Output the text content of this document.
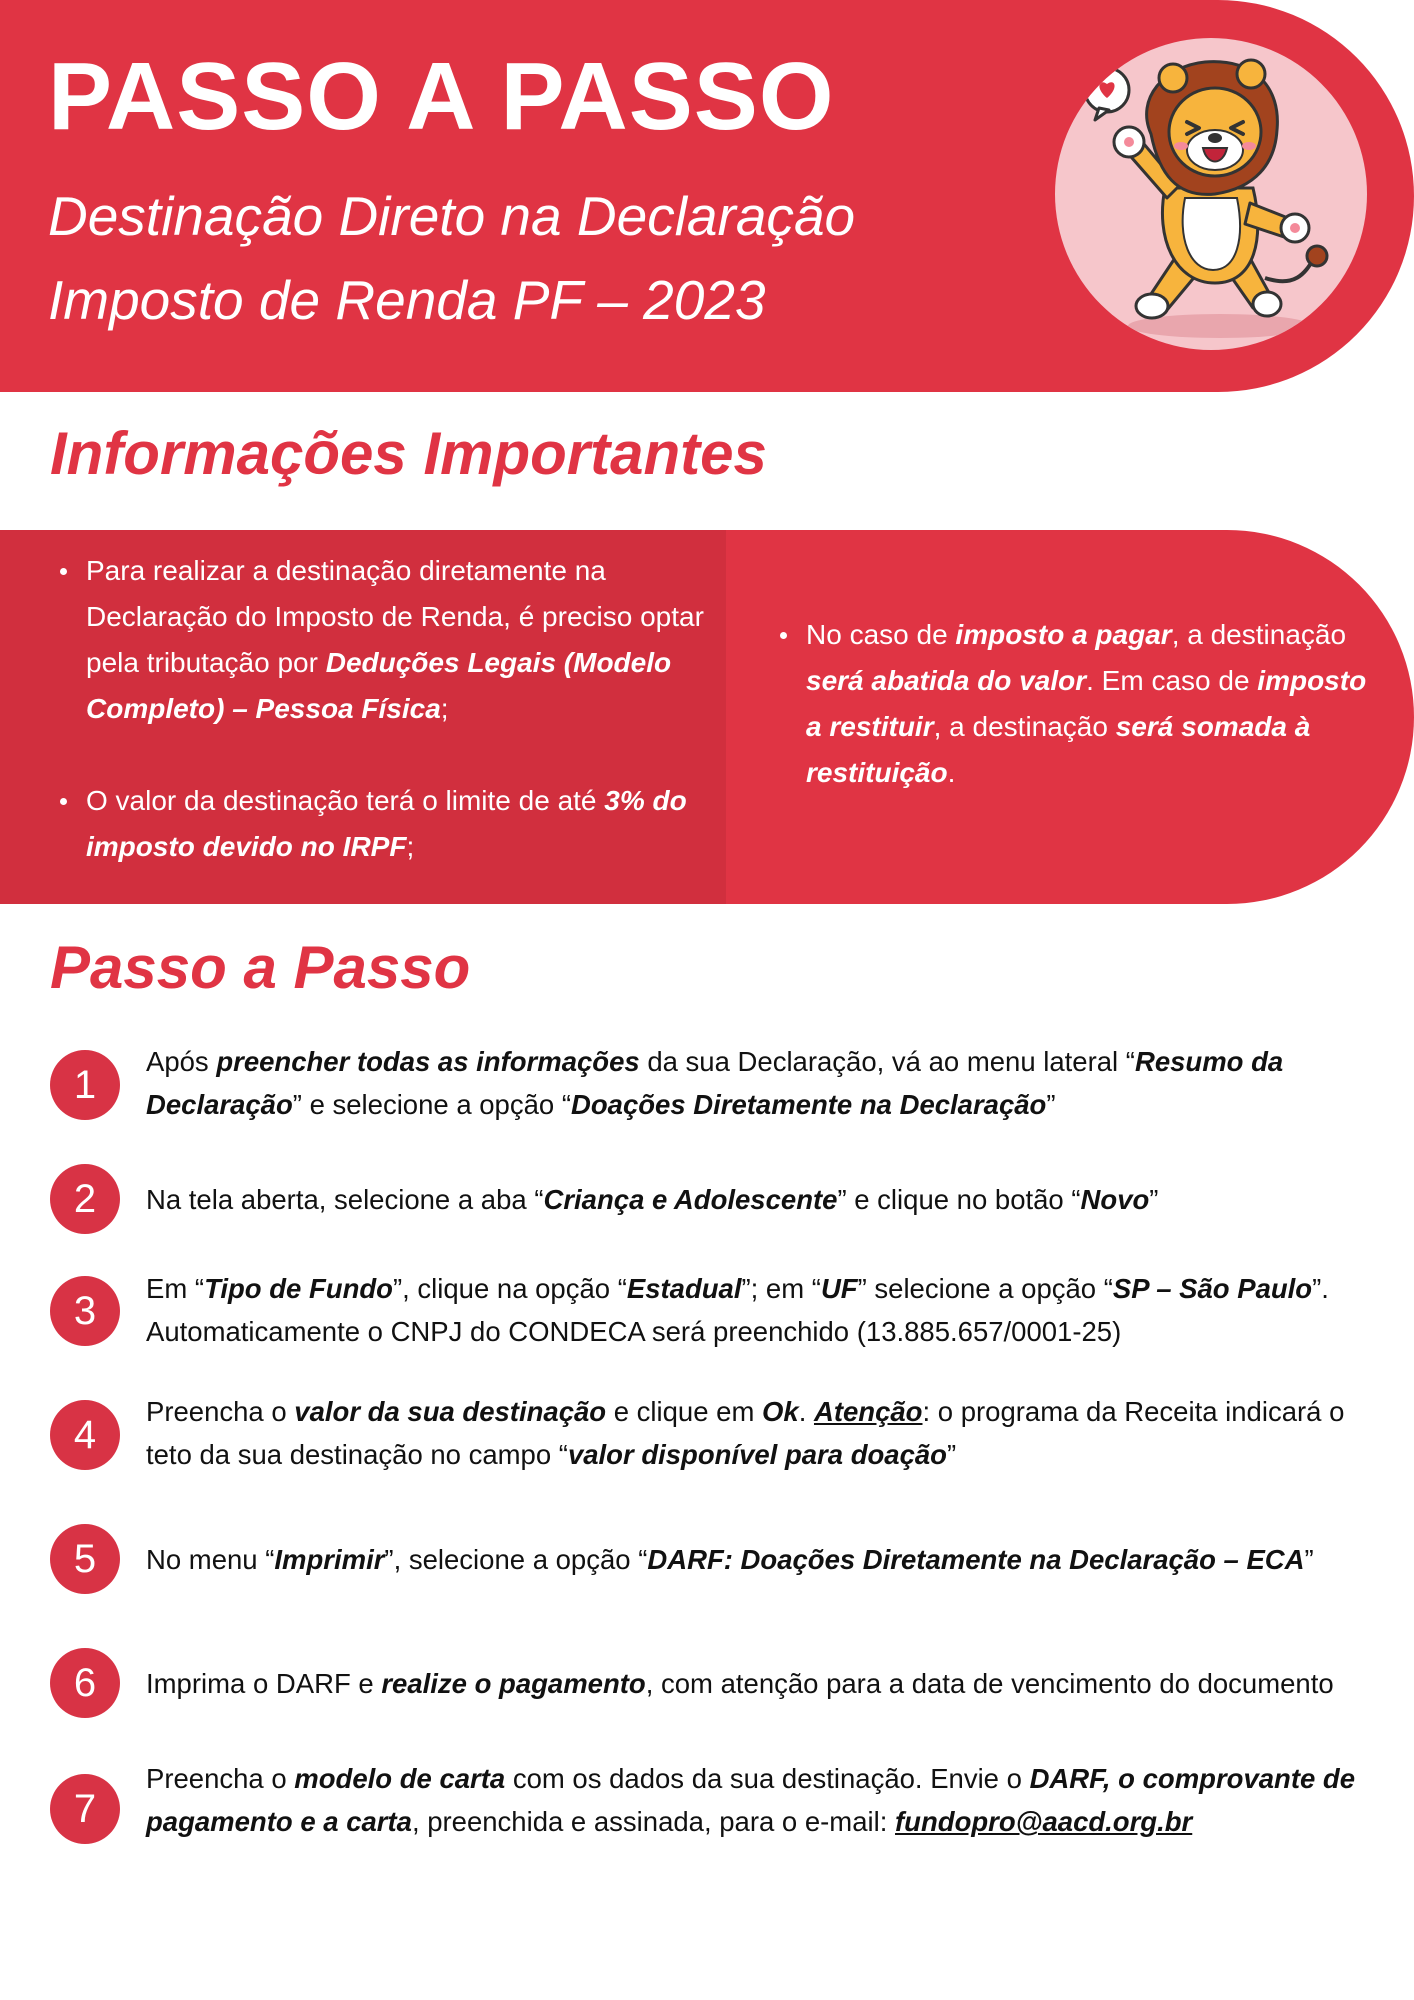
PASSO A PASSO
Destinação Direto na Declaração
Imposto de Renda PF – 2023
Informações Importantes

Para realizar a destinação diretamente na Declaração do Imposto de Renda, é preciso optar pela tributação por Deduções Legais (Modelo Completo) – Pessoa Física;

O valor da destinação terá o limite de até 3% do imposto devido no IRPF;

No caso de imposto a pagar, a destinação será abatida do valor. Em caso de imposto a restituir, a destinação será somada à restituição.

Passo a Passo
1
Após preencher todas as informações da sua Declaração, vá ao menu lateral “Resumo da Declaração” e selecione a opção “Doações Diretamente na Declaração”
2	Na tela aberta, selecione a aba “Criança e Adolescente” e clique no botão “Novo”
3
Em “Tipo de Fundo”, clique na opção “Estadual”; em “UF” selecione a opção “SP – São Paulo”. Automaticamente o CNPJ do CONDECA será preenchido (13.885.657/0001-25)
4
Preencha o valor da sua destinação e clique em Ok. Atenção: o programa da Receita indicará o teto da sua destinação no campo “valor disponível para doação”
5	No menu “Imprimir”, selecione a opção “DARF: Doações Diretamente na Declaração – ECA”
6	Imprima o DARF e realize o pagamento, com atenção para a data de vencimento do documento
7
Preencha o modelo de carta com os dados da sua destinação. Envie o DARF, o comprovante de pagamento e a carta, preenchida e assinada, para o e-mail: fundopro@aacd.org.br
